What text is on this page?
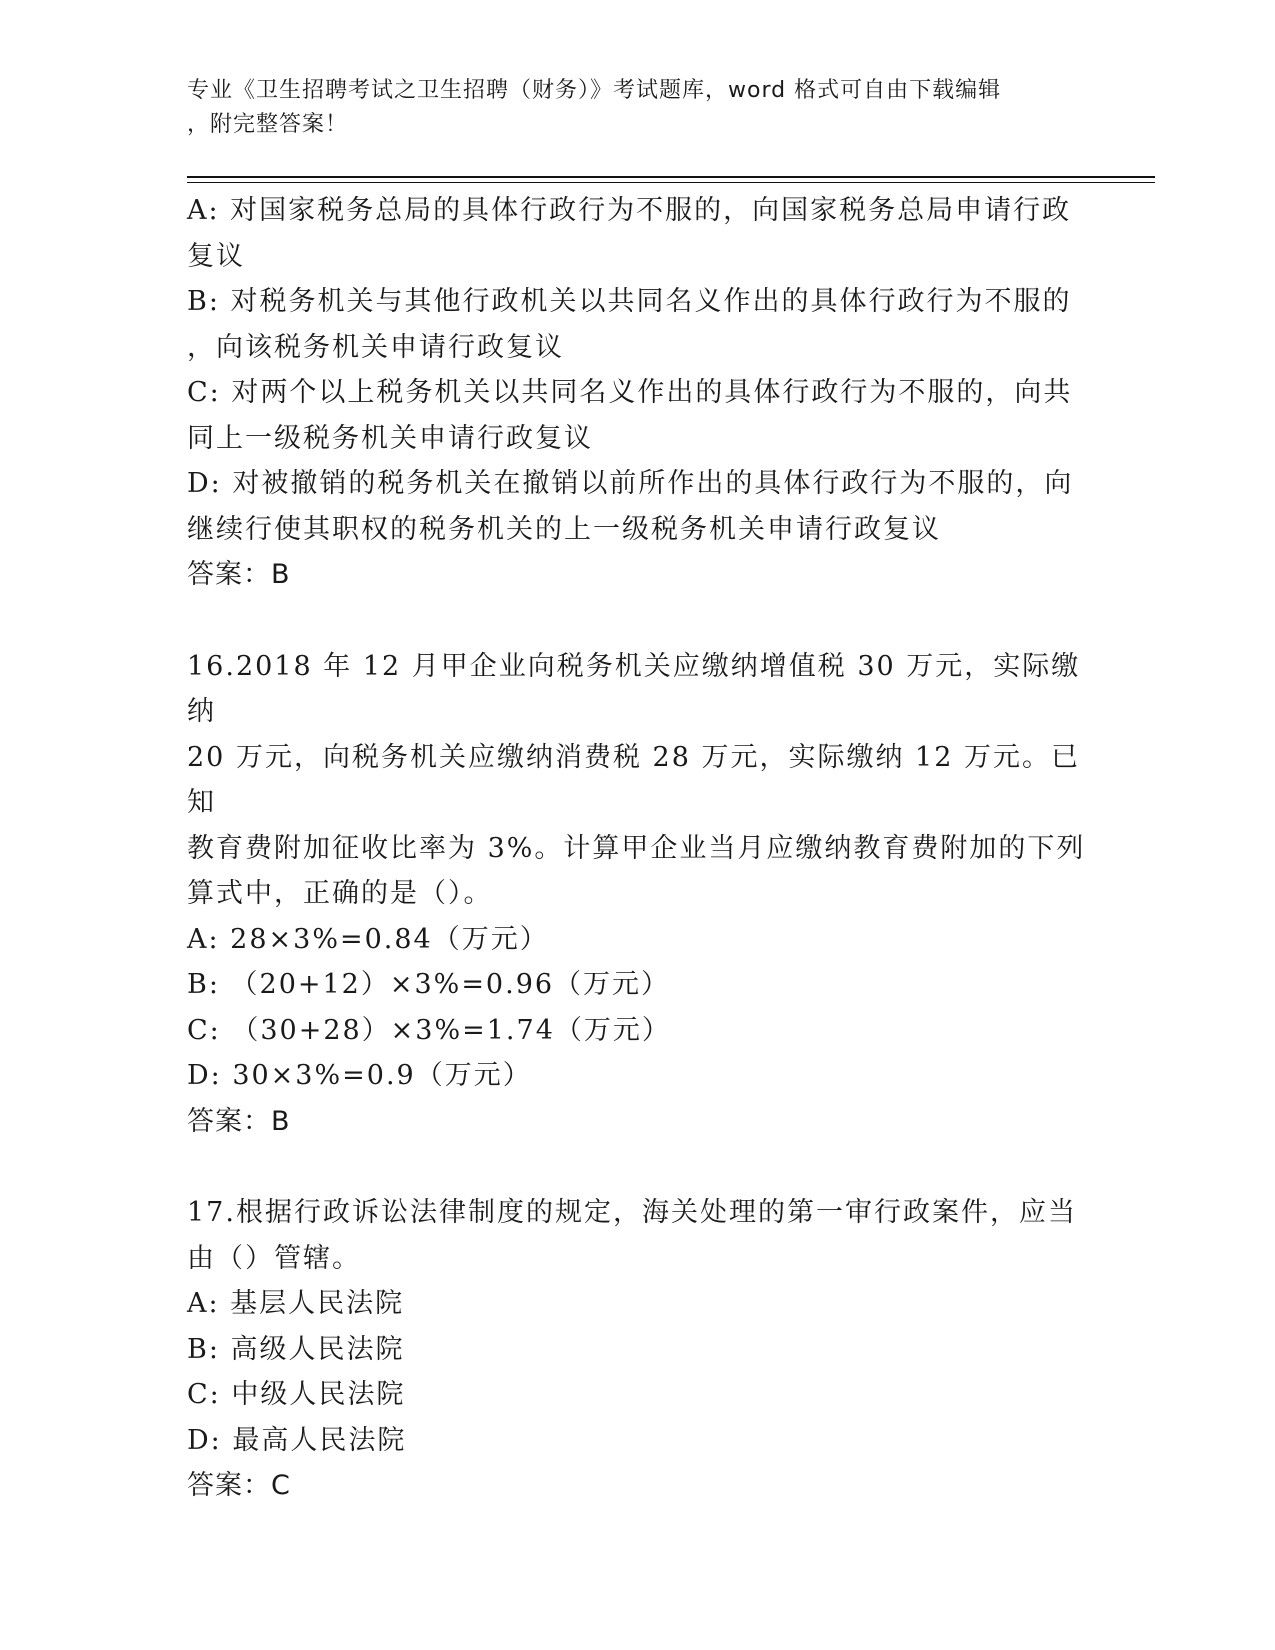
专业《卫生招聘考试之卫生招聘（财务）》考试题库，word 格式可自由下载编辑
，附完整答案！
A: 对国家税务总局的具体行政行为不服的，向国家税务总局申请行政
复议
B: 对税务机关与其他行政机关以共同名义作出的具体行政行为不服的
，向该税务机关申请行政复议
C: 对两个以上税务机关以共同名义作出的具体行政行为不服的，向共
同上一级税务机关申请行政复议
D: 对被撤销的税务机关在撤销以前所作出的具体行政行为不服的，向
继续行使其职权的税务机关的上一级税务机关申请行政复议
答案：B
16.2018 年 12 月甲企业向税务机关应缴纳增值税 30 万元，实际缴纳
20 万元，向税务机关应缴纳消费税 28 万元，实际缴纳 12 万元。已知
教育费附加征收比率为 3%。计算甲企业当月应缴纳教育费附加的下列
算式中，正确的是（）。
A: 28×3%=0.84（万元）
B: （20+12）×3%=0.96（万元）
C: （30+28）×3%=1.74（万元）
D: 30×3%=0.9（万元）
答案：B
17.根据行政诉讼法律制度的规定，海关处理的第一审行政案件，应当
由（）管辖。
A: 基层人民法院
B: 高级人民法院
C: 中级人民法院
D: 最高人民法院
答案：C
